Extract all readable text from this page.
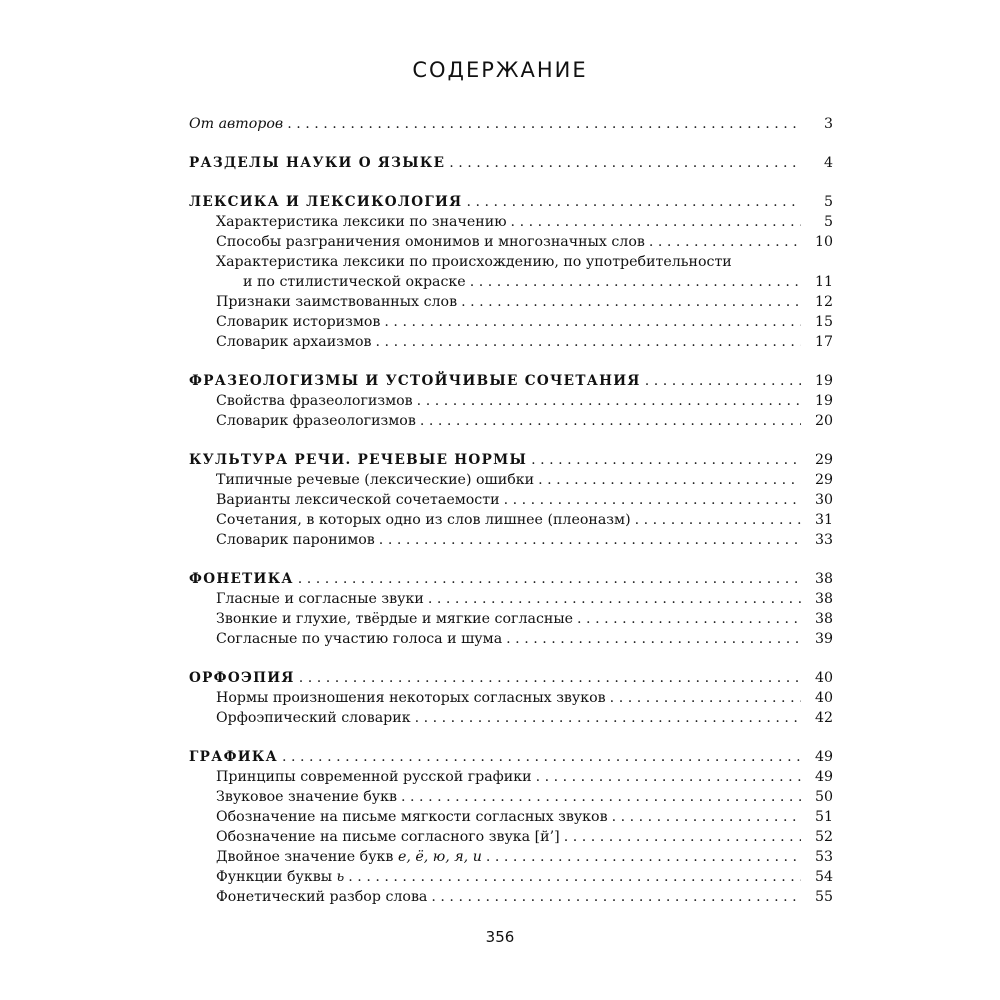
СОДЕРЖАНИЕ
От авторов . . .	3
РАЗДЕЛЫ НАУКИ О ЯЗЫКЕ . . .	4
ЛЕКСИКА И ЛЕКСИКОЛОГИЯ . . .	5
Характеристика лексики по значению . . .	5
Способы разграничения омонимов и многозначных слов . . .	10
Характеристика лексики по происхождению, по употребительности
и по стилистической окраске . . .	11
Признаки заимствованных слов . . .	12
Словарик историзмов . . .	15
Словарик архаизмов . . .	17
ФРАЗЕОЛОГИЗМЫ И УСТОЙЧИВЫЕ СОЧЕТАНИЯ . . .	19
Свойства фразеологизмов . . .	19
Словарик фразеологизмов . . .	20
КУЛЬТУРА РЕЧИ. РЕЧЕВЫЕ НОРМЫ . . .	29
Типичные речевые (лексические) ошибки . . .	29
Варианты лексической сочетаемости . . .	30
Сочетания, в которых одно из слов лишнее (плеоназм) . . .	31
Словарик паронимов . . .	33
ФОНЕТИКА . . .	38
Гласные и согласные звуки . . .	38
Звонкие и глухие, твёрдые и мягкие согласные . . .	38
Согласные по участию голоса и шума . . .	39
ОРФОЭПИЯ . . .	40
Нормы произношения некоторых согласных звуков . . .	40
Орфоэпический словарик . . .	42
ГРАФИКА . . .	49
Принципы современной русской графики . . .	49
Звуковое значение букв . . .	50
Обозначение на письме мягкости согласных звуков . . .	51
Обозначение на письме согласного звука [й’] . . .	52
Двойное значение букв е, ё, ю, я, и . . .	53
Функции буквы ь . . .	54
Фонетический разбор слова . . .	55
356
